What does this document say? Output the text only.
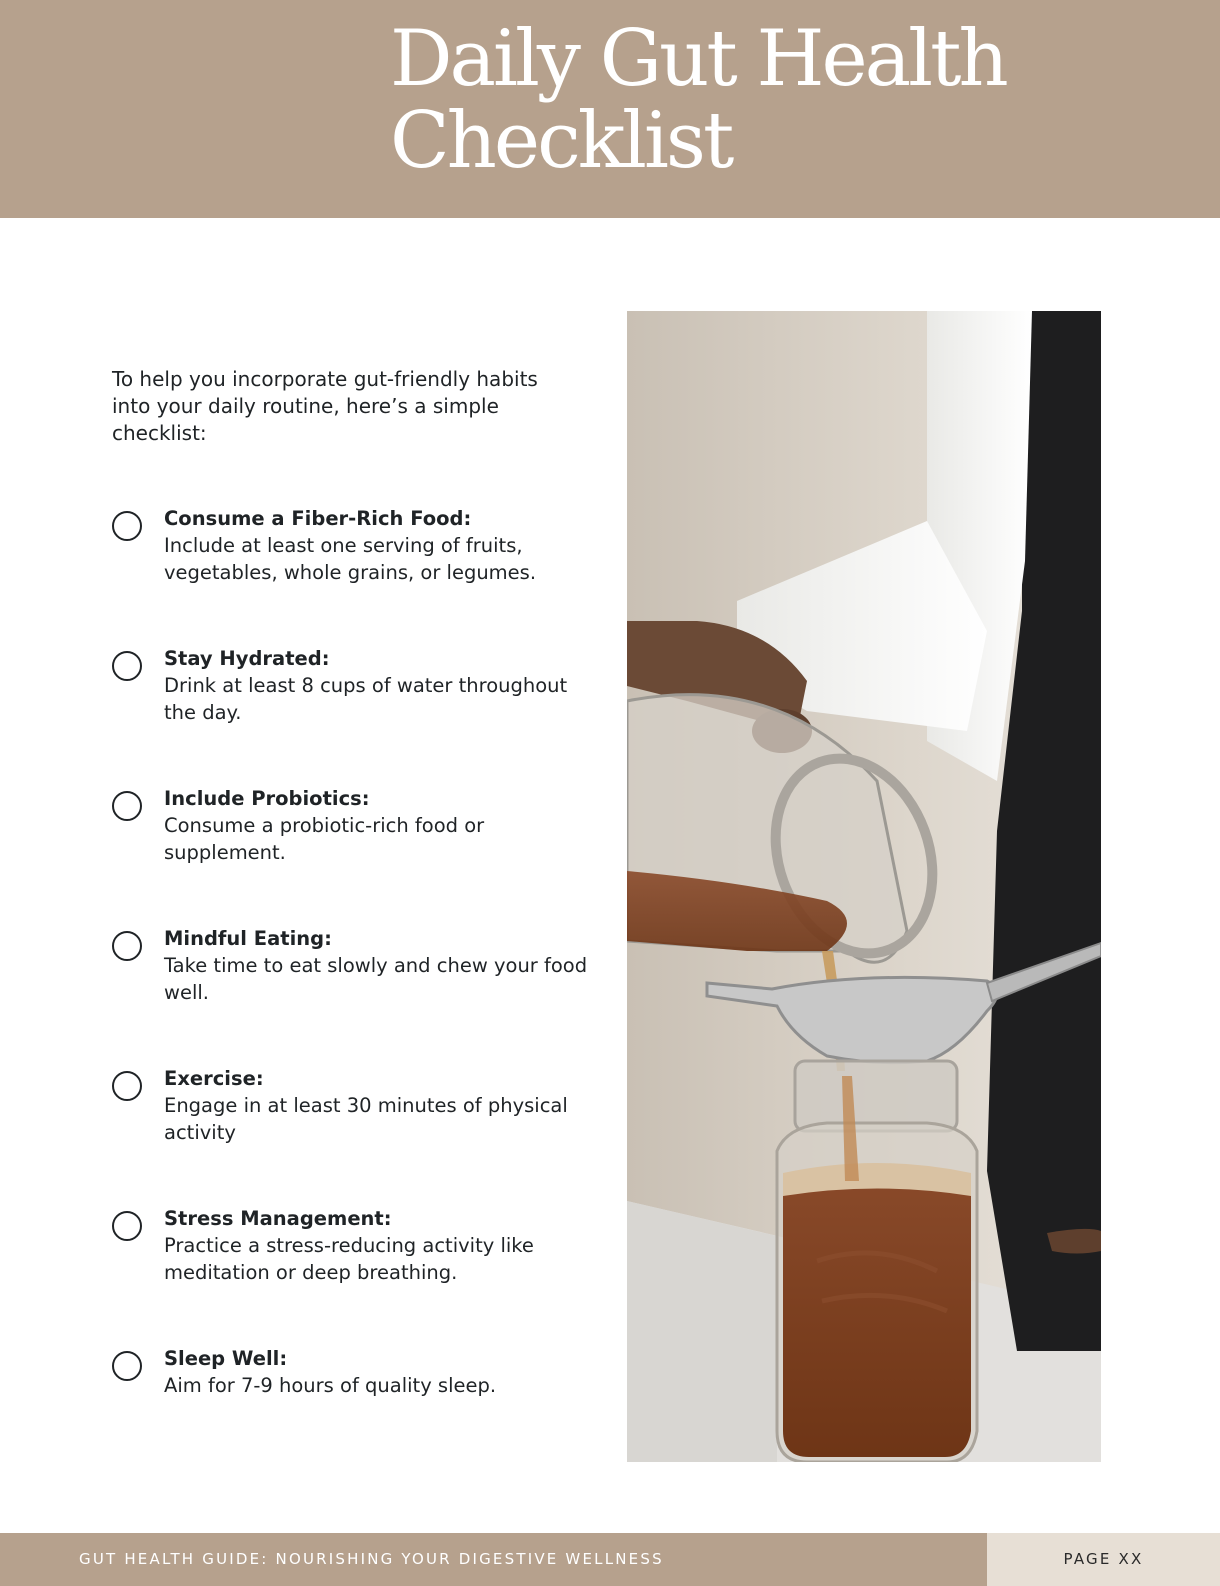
Daily Gut Health
Checklist

To help you incorporate gut-friendly habits into your daily routine, here’s a simple checklist:

Consume a Fiber-Rich Food:
Include at least one serving of fruits, vegetables, whole grains, or legumes.
Stay Hydrated:
Drink at least 8 cups of water throughout the day.
Include Probiotics:
Consume a probiotic-rich food or supplement.
Mindful Eating:
Take time to eat slowly and chew your food well.
Exercise:
Engage in at least 30 minutes of physical activity
Stress Management:
Practice a stress-reducing activity like meditation or deep breathing.
Sleep Well:
Aim for 7-9 hours of quality sleep.
GUT HEALTH GUIDE: NOURISHING YOUR DIGESTIVE WELLNESS	PAGE XX
